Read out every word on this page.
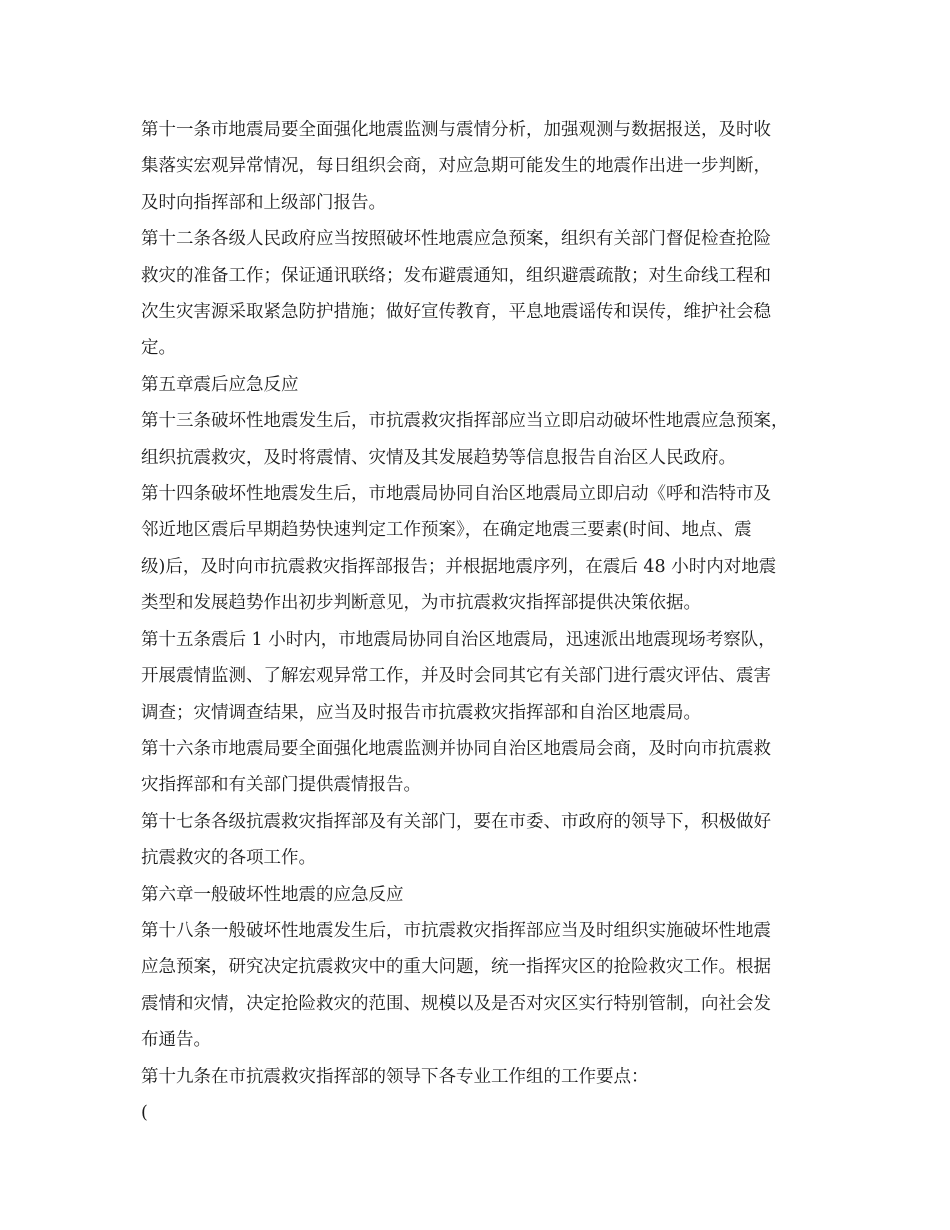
第十一条市地震局要全面强化地震监测与震情分析，加强观测与数据报送，及时收
集落实宏观异常情况，每日组织会商，对应急期可能发生的地震作出进一步判断，
及时向指挥部和上级部门报告。

第十二条各级人民政府应当按照破坏性地震应急预案，组织有关部门督促检查抢险
救灾的准备工作；保证通讯联络；发布避震通知，组织避震疏散；对生命线工程和
次生灾害源采取紧急防护措施；做好宣传教育，平息地震谣传和误传，维护社会稳
定。

第五章震后应急反应

第十三条破坏性地震发生后，市抗震救灾指挥部应当立即启动破坏性地震应急预案，
组织抗震救灾，及时将震情、灾情及其发展趋势等信息报告自治区人民政府。

第十四条破坏性地震发生后，市地震局协同自治区地震局立即启动《呼和浩特市及
邻近地区震后早期趋势快速判定工作预案》，在确定地震三要素(时间、地点、震
级)后，及时向市抗震救灾指挥部报告；并根据地震序列，在震后 48 小时内对地震
类型和发展趋势作出初步判断意见，为市抗震救灾指挥部提供决策依据。

第十五条震后 1 小时内，市地震局协同自治区地震局，迅速派出地震现场考察队，
开展震情监测、了解宏观异常工作，并及时会同其它有关部门进行震灾评估、震害
调查；灾情调查结果，应当及时报告市抗震救灾指挥部和自治区地震局。

第十六条市地震局要全面强化地震监测并协同自治区地震局会商，及时向市抗震救
灾指挥部和有关部门提供震情报告。

第十七条各级抗震救灾指挥部及有关部门，要在市委、市政府的领导下，积极做好
抗震救灾的各项工作。

第六章一般破坏性地震的应急反应

第十八条一般破坏性地震发生后，市抗震救灾指挥部应当及时组织实施破坏性地震
应急预案，研究决定抗震救灾中的重大问题，统一指挥灾区的抢险救灾工作。根据
震情和灾情，决定抢险救灾的范围、规模以及是否对灾区实行特别管制，向社会发
布通告。

第十九条在市抗震救灾指挥部的领导下各专业工作组的工作要点：

(
